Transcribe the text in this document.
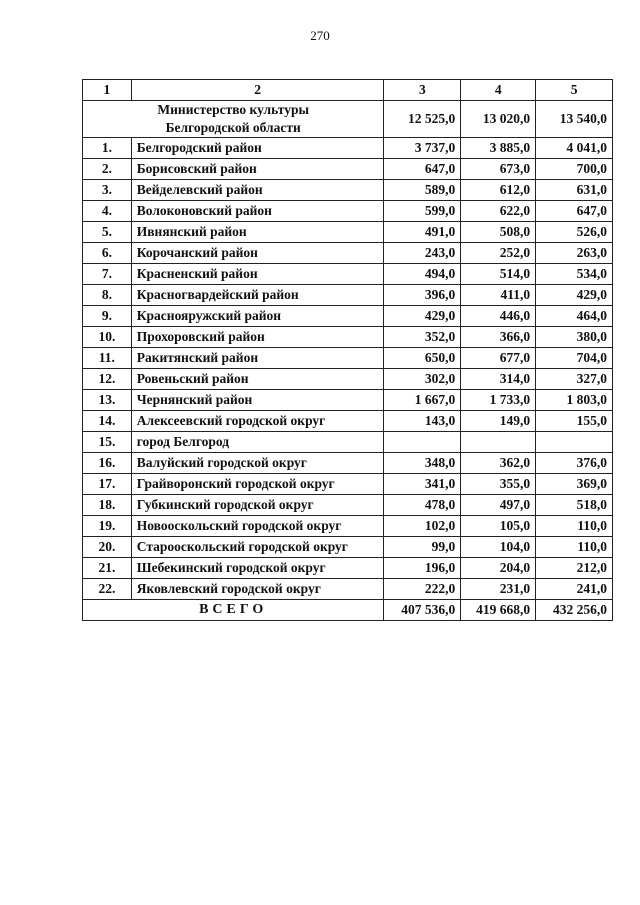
270
1	2	3	4	5

Министерство культуры
Белгородской области		12 525,0	13 020,0	13 540,0
1.	Белгородский район	3 737,0	3 885,0	4 041,0
2.	Борисовский район	647,0	673,0	700,0
3.	Вейделевский район	589,0	612,0	631,0
4.	Волоконовский район	599,0	622,0	647,0
5.	Ивнянский район	491,0	508,0	526,0
6.	Корочанский район	243,0	252,0	263,0
7.	Красненский район	494,0	514,0	534,0
8.	Красногвардейский район	396,0	411,0	429,0
9.	Краснояружский район	429,0	446,0	464,0
10.	Прохоровский район	352,0	366,0	380,0
11.	Ракитянский район	650,0	677,0	704,0
12.	Ровеньский район	302,0	314,0	327,0
13.	Чернянский район	1 667,0	1 733,0	1 803,0
14.	Алексеевский городской округ	143,0	149,0	155,0
15.	город Белгород			
16.	Валуйский городской округ	348,0	362,0	376,0
17.	Грайворонский городской округ	341,0	355,0	369,0
18.	Губкинский городской округ	478,0	497,0	518,0
19.	Новооскольский городской округ	102,0	105,0	110,0
20.	Старооскольский городской округ	99,0	104,0	110,0
21.	Шебекинский городской округ	196,0	204,0	212,0
22.	Яковлевский городской округ	222,0	231,0	241,0
ВСЕГО		407 536,0	419 668,0	432 256,0
